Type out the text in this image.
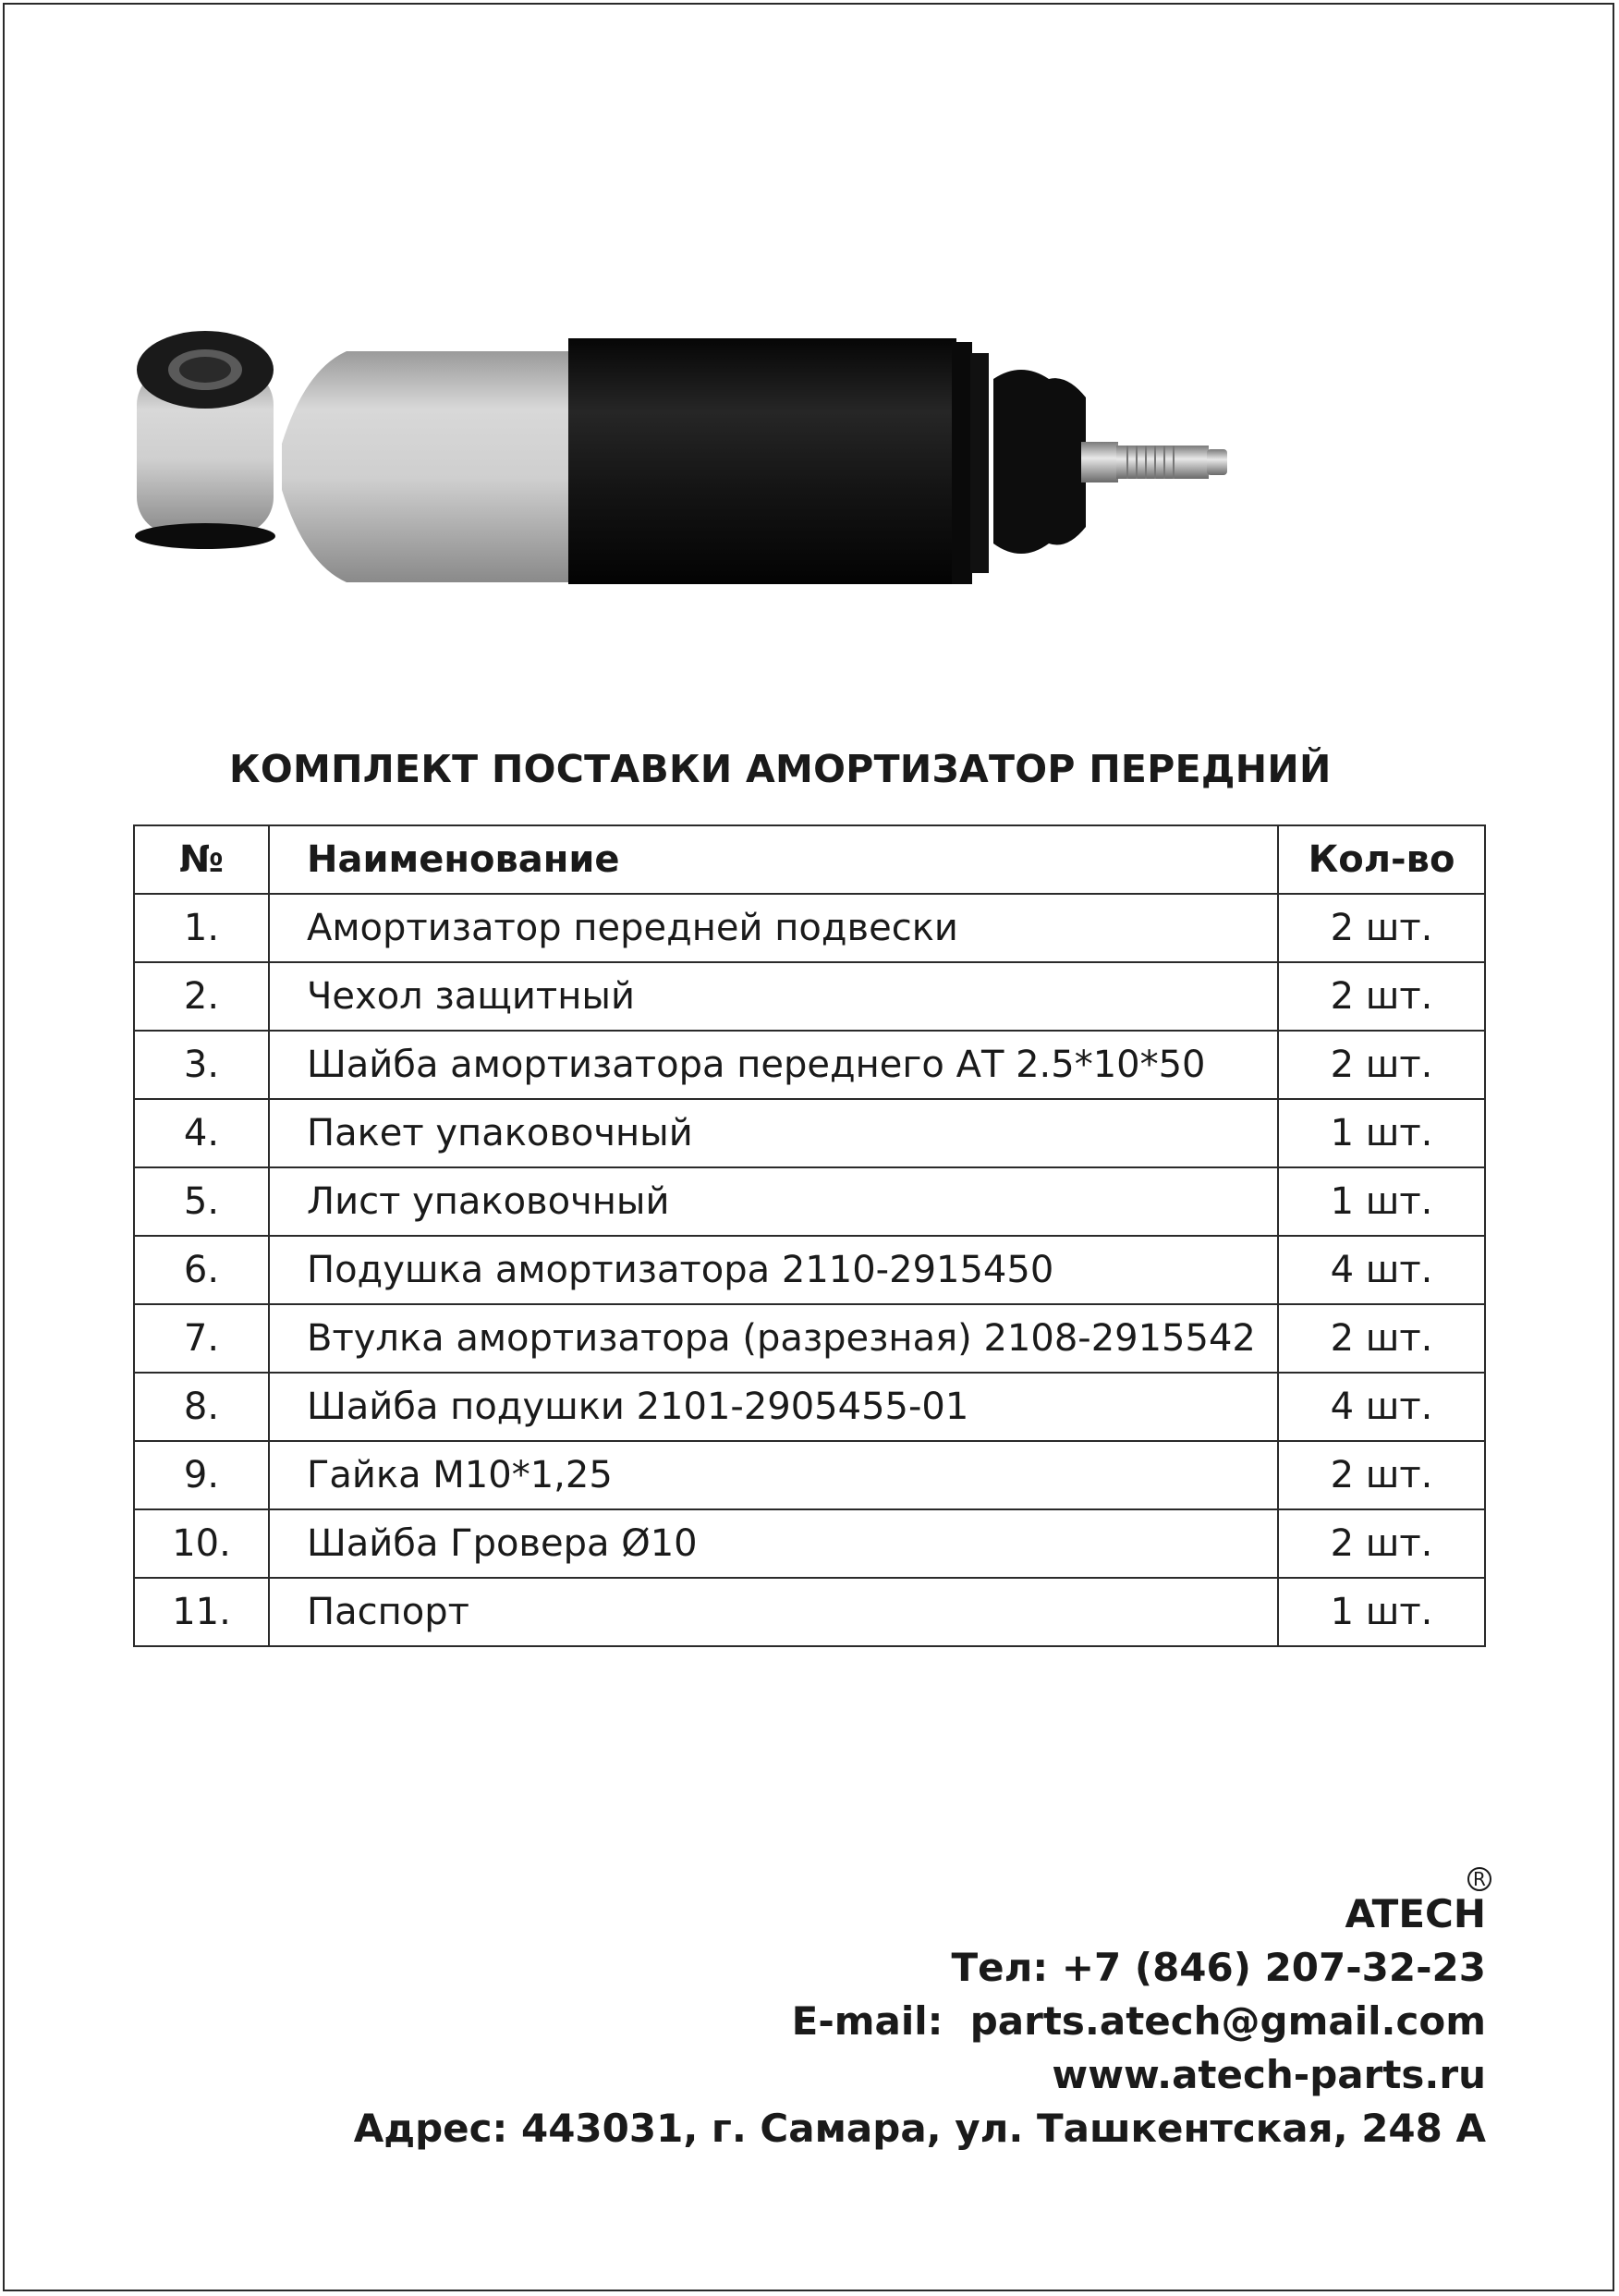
КОМПЛЕКТ ПОСТАВКИ АМОРТИЗАТОР ПЕРЕДНИЙ
№	Наименование	Кол-во
1.	Амортизатор передней подвески	2 шт.
2.	Чехол защитный	2 шт.
3.	Шайба амортизатора переднего АТ 2.5*10*50	2 шт.
4.	Пакет упаковочный	1 шт.
5.	Лист упаковочный	1 шт.
6.	Подушка амортизатора 2110-2915450	4 шт.
7.	Втулка амортизатора (разрезная) 2108-2915542	2 шт.
8.	Шайба подушки 2101-2905455-01	4 шт.
9.	Гайка М10*1,25	2 шт.
10.	Шайба Гровера Ø10	2 шт.
11.	Паспорт	1 шт.
ATECH
R
Тел: +7 (846) 207-32-23
E-mail:  parts.atech@gmail.com
www.atech-parts.ru
Адрес: 443031, г. Самара, ул. Ташкентская, 248 А
